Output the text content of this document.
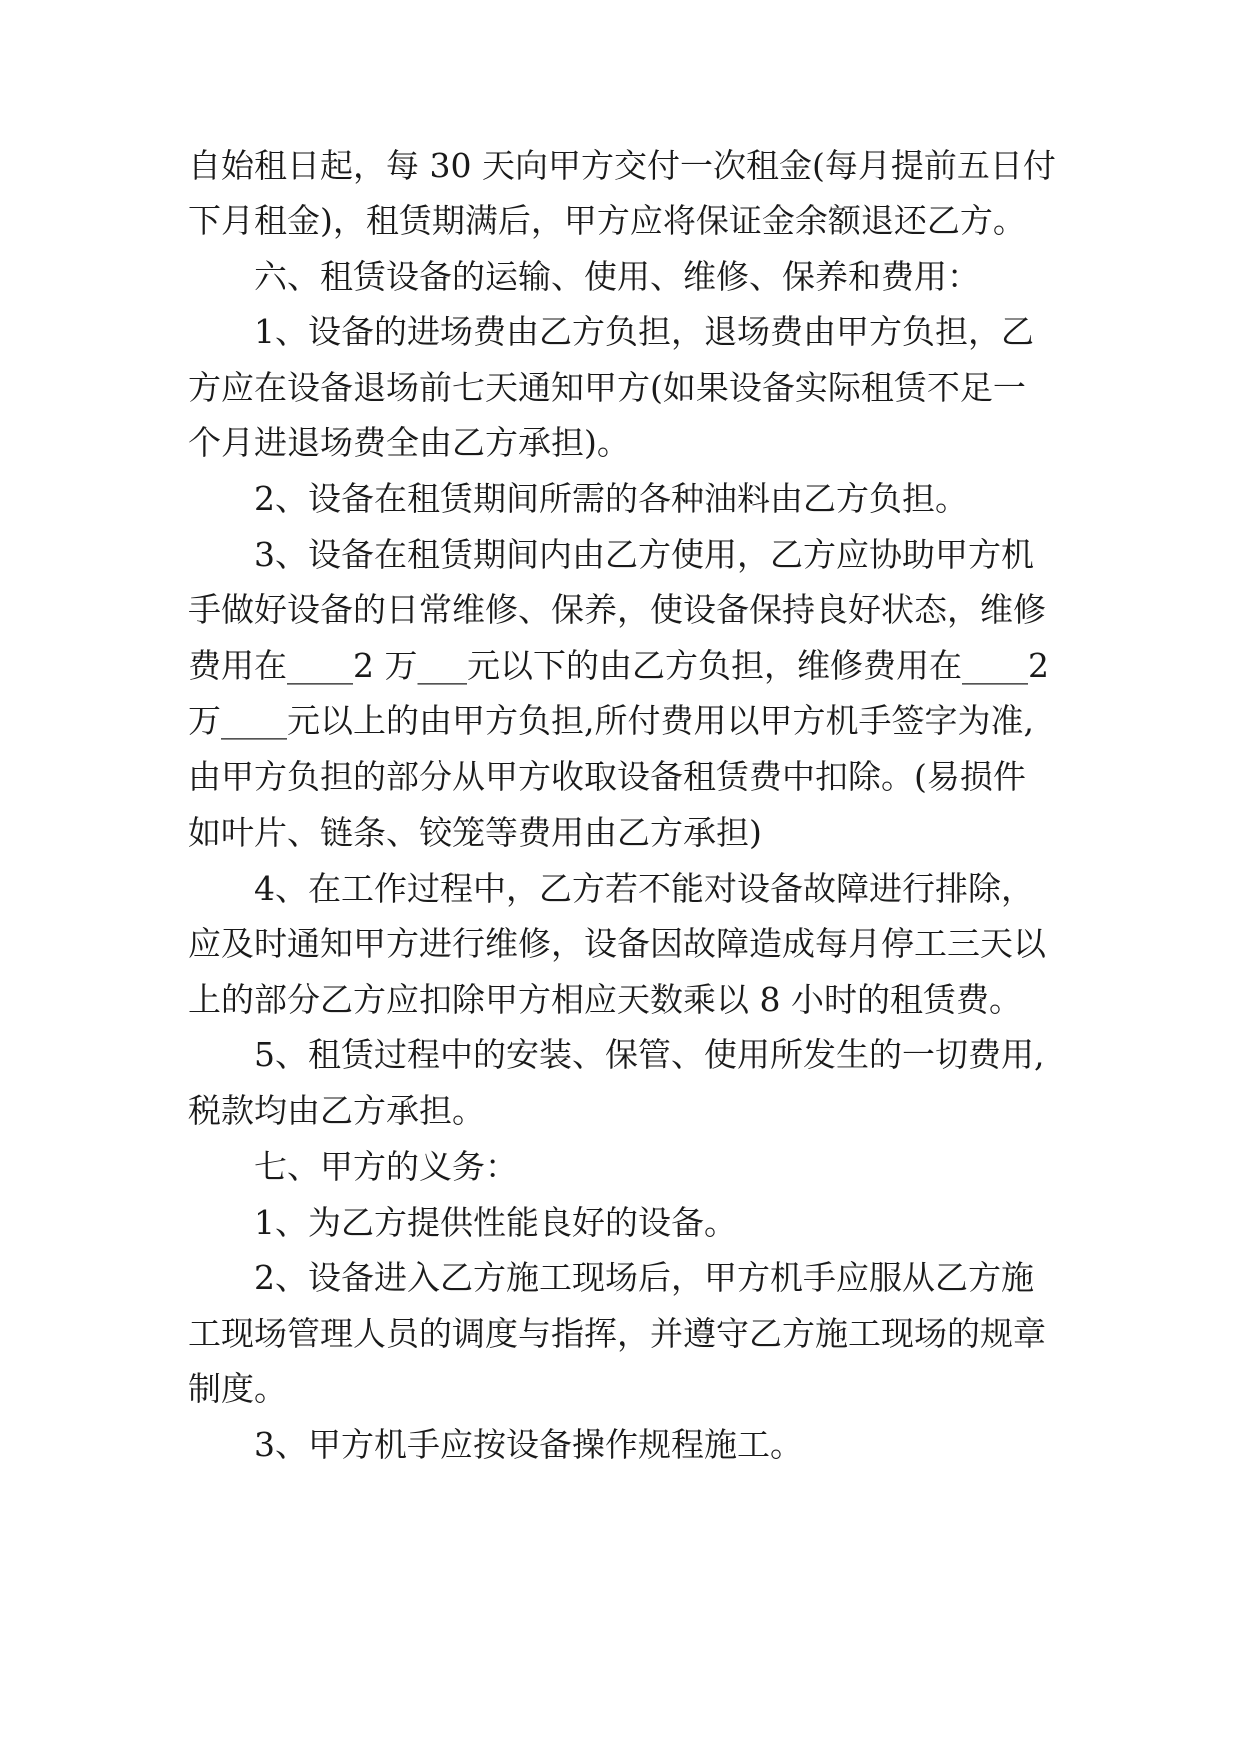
自始租日起，每 30 天向甲方交付一次租金(每月提前五日付
下月租金)，租赁期满后，甲方应将保证金余额退还乙方。
六、租赁设备的运输、使用、维修、保养和费用：
1、设备的进场费由乙方负担，退场费由甲方负担，乙
方应在设备退场前七天通知甲方(如果设备实际租赁不足一
个月进退场费全由乙方承担)。
2、设备在租赁期间所需的各种油料由乙方负担。
3、设备在租赁期间内由乙方使用，乙方应协助甲方机
手做好设备的日常维修、保养，使设备保持良好状态，维修
费用在____2 万___元以下的由乙方负担，维修费用在____2
万____元以上的由甲方负担,所付费用以甲方机手签字为准,
由甲方负担的部分从甲方收取设备租赁费中扣除。(易损件
如叶片、链条、铰笼等费用由乙方承担)
4、在工作过程中，乙方若不能对设备故障进行排除，
应及时通知甲方进行维修，设备因故障造成每月停工三天以
上的部分乙方应扣除甲方相应天数乘以 8 小时的租赁费。
5、租赁过程中的安装、保管、使用所发生的一切费用,
税款均由乙方承担。
七、甲方的义务：
1、为乙方提供性能良好的设备。
2、设备进入乙方施工现场后，甲方机手应服从乙方施
工现场管理人员的调度与指挥，并遵守乙方施工现场的规章
制度。
3、甲方机手应按设备操作规程施工。
